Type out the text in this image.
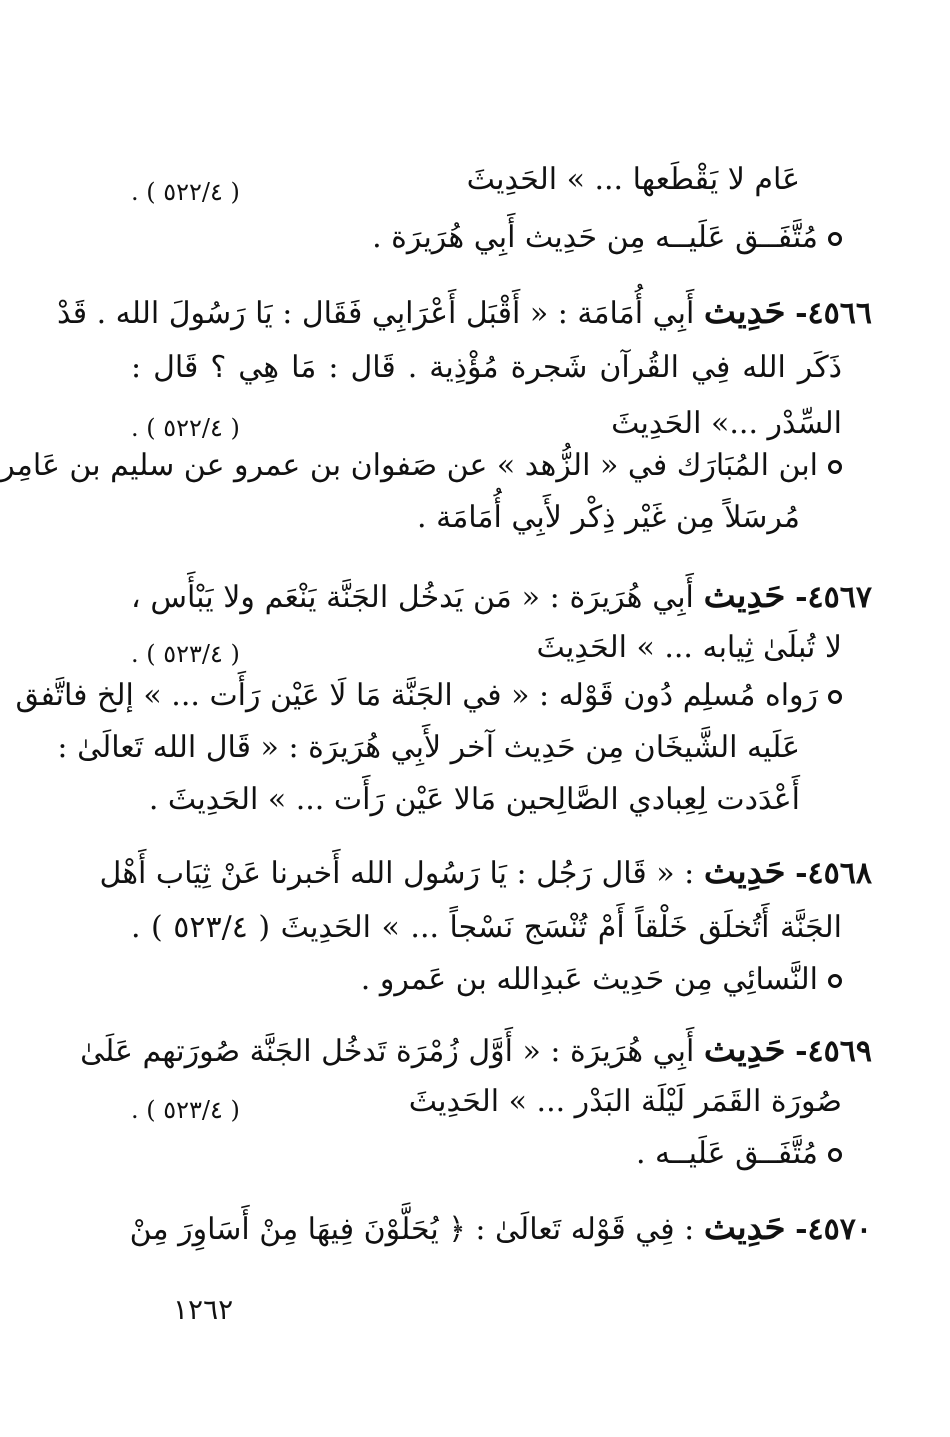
عَام لا يَقْطَعها ... » الحَدِيثَ
( ٥٢٢/٤ ) .
مُتَّفَــق عَلَيــه مِن حَدِيث أَبِي هُرَيرَة .
٤٥٦٦- حَدِيث أَبِي أُمَامَة : « أَقْبَل أَعْرَابِي فَقَال : يَا رَسُولَ الله . قَدْ
ذَكَر الله فِي القُرآن شَجرة مُؤْذِية . قَال : مَا هِي ؟ قَال :
السِّدْر ...» الحَدِيثَ
( ٥٢٢/٤ ) .
ابن المُبَارَك في « الزُّهد » عن صَفوان بن عمرو عن سليم بن عَامِر
مُرسَلاً مِن غَيْر ذِكْر لأَبِي أُمَامَة .
٤٥٦٧- حَدِيث أَبِي هُرَيرَة : « مَن يَدخُل الجَنَّة يَنْعَم ولا يَبْأَس ،
لا تُبلَىٰ ثِيابه ... » الحَدِيثَ
( ٥٢٣/٤ ) .
رَواه مُسلِم دُون قَوْله : « في الجَنَّة مَا لَا عَيْن رَأَت ... » إلخ فاتَّفق
عَلَيه الشَّيخَان مِن حَدِيث آخر لأَبِي هُرَيرَة : « قَال الله تَعالَىٰ :
أَعْدَدت لِعِبادي الصَّالِحين مَالا عَيْن رَأَت ... » الحَدِيثَ .
٤٥٦٨- حَدِيث : « قَال رَجُل : يَا رَسُول الله أَخبرنا عَنْ ثِيَاب أَهْل
الجَنَّة أَتُخلَق خَلْقاً أَمْ تُنْسَج نَسْجاً ... » الحَدِيثَ ( ٥٢٣/٤ ) .
النَّسائِي مِن حَدِيث عَبدِالله بن عَمرو .
٤٥٦٩- حَدِيث أَبِي هُرَيرَة : « أَوَّل زُمْرَة تَدخُل الجَنَّة صُورَتهم عَلَىٰ
صُورَة القَمَر لَيْلَة البَدْر ... » الحَدِيثَ
( ٥٢٣/٤ ) .
مُتَّفَــق عَلَيــه .
٤٥٧٠- حَدِيث : فِي قَوْله تَعالَىٰ : ﴿ يُحَلَّوْنَ فِيهَا مِنْ أَسَاوِرَ مِنْ
١٢٦٢
